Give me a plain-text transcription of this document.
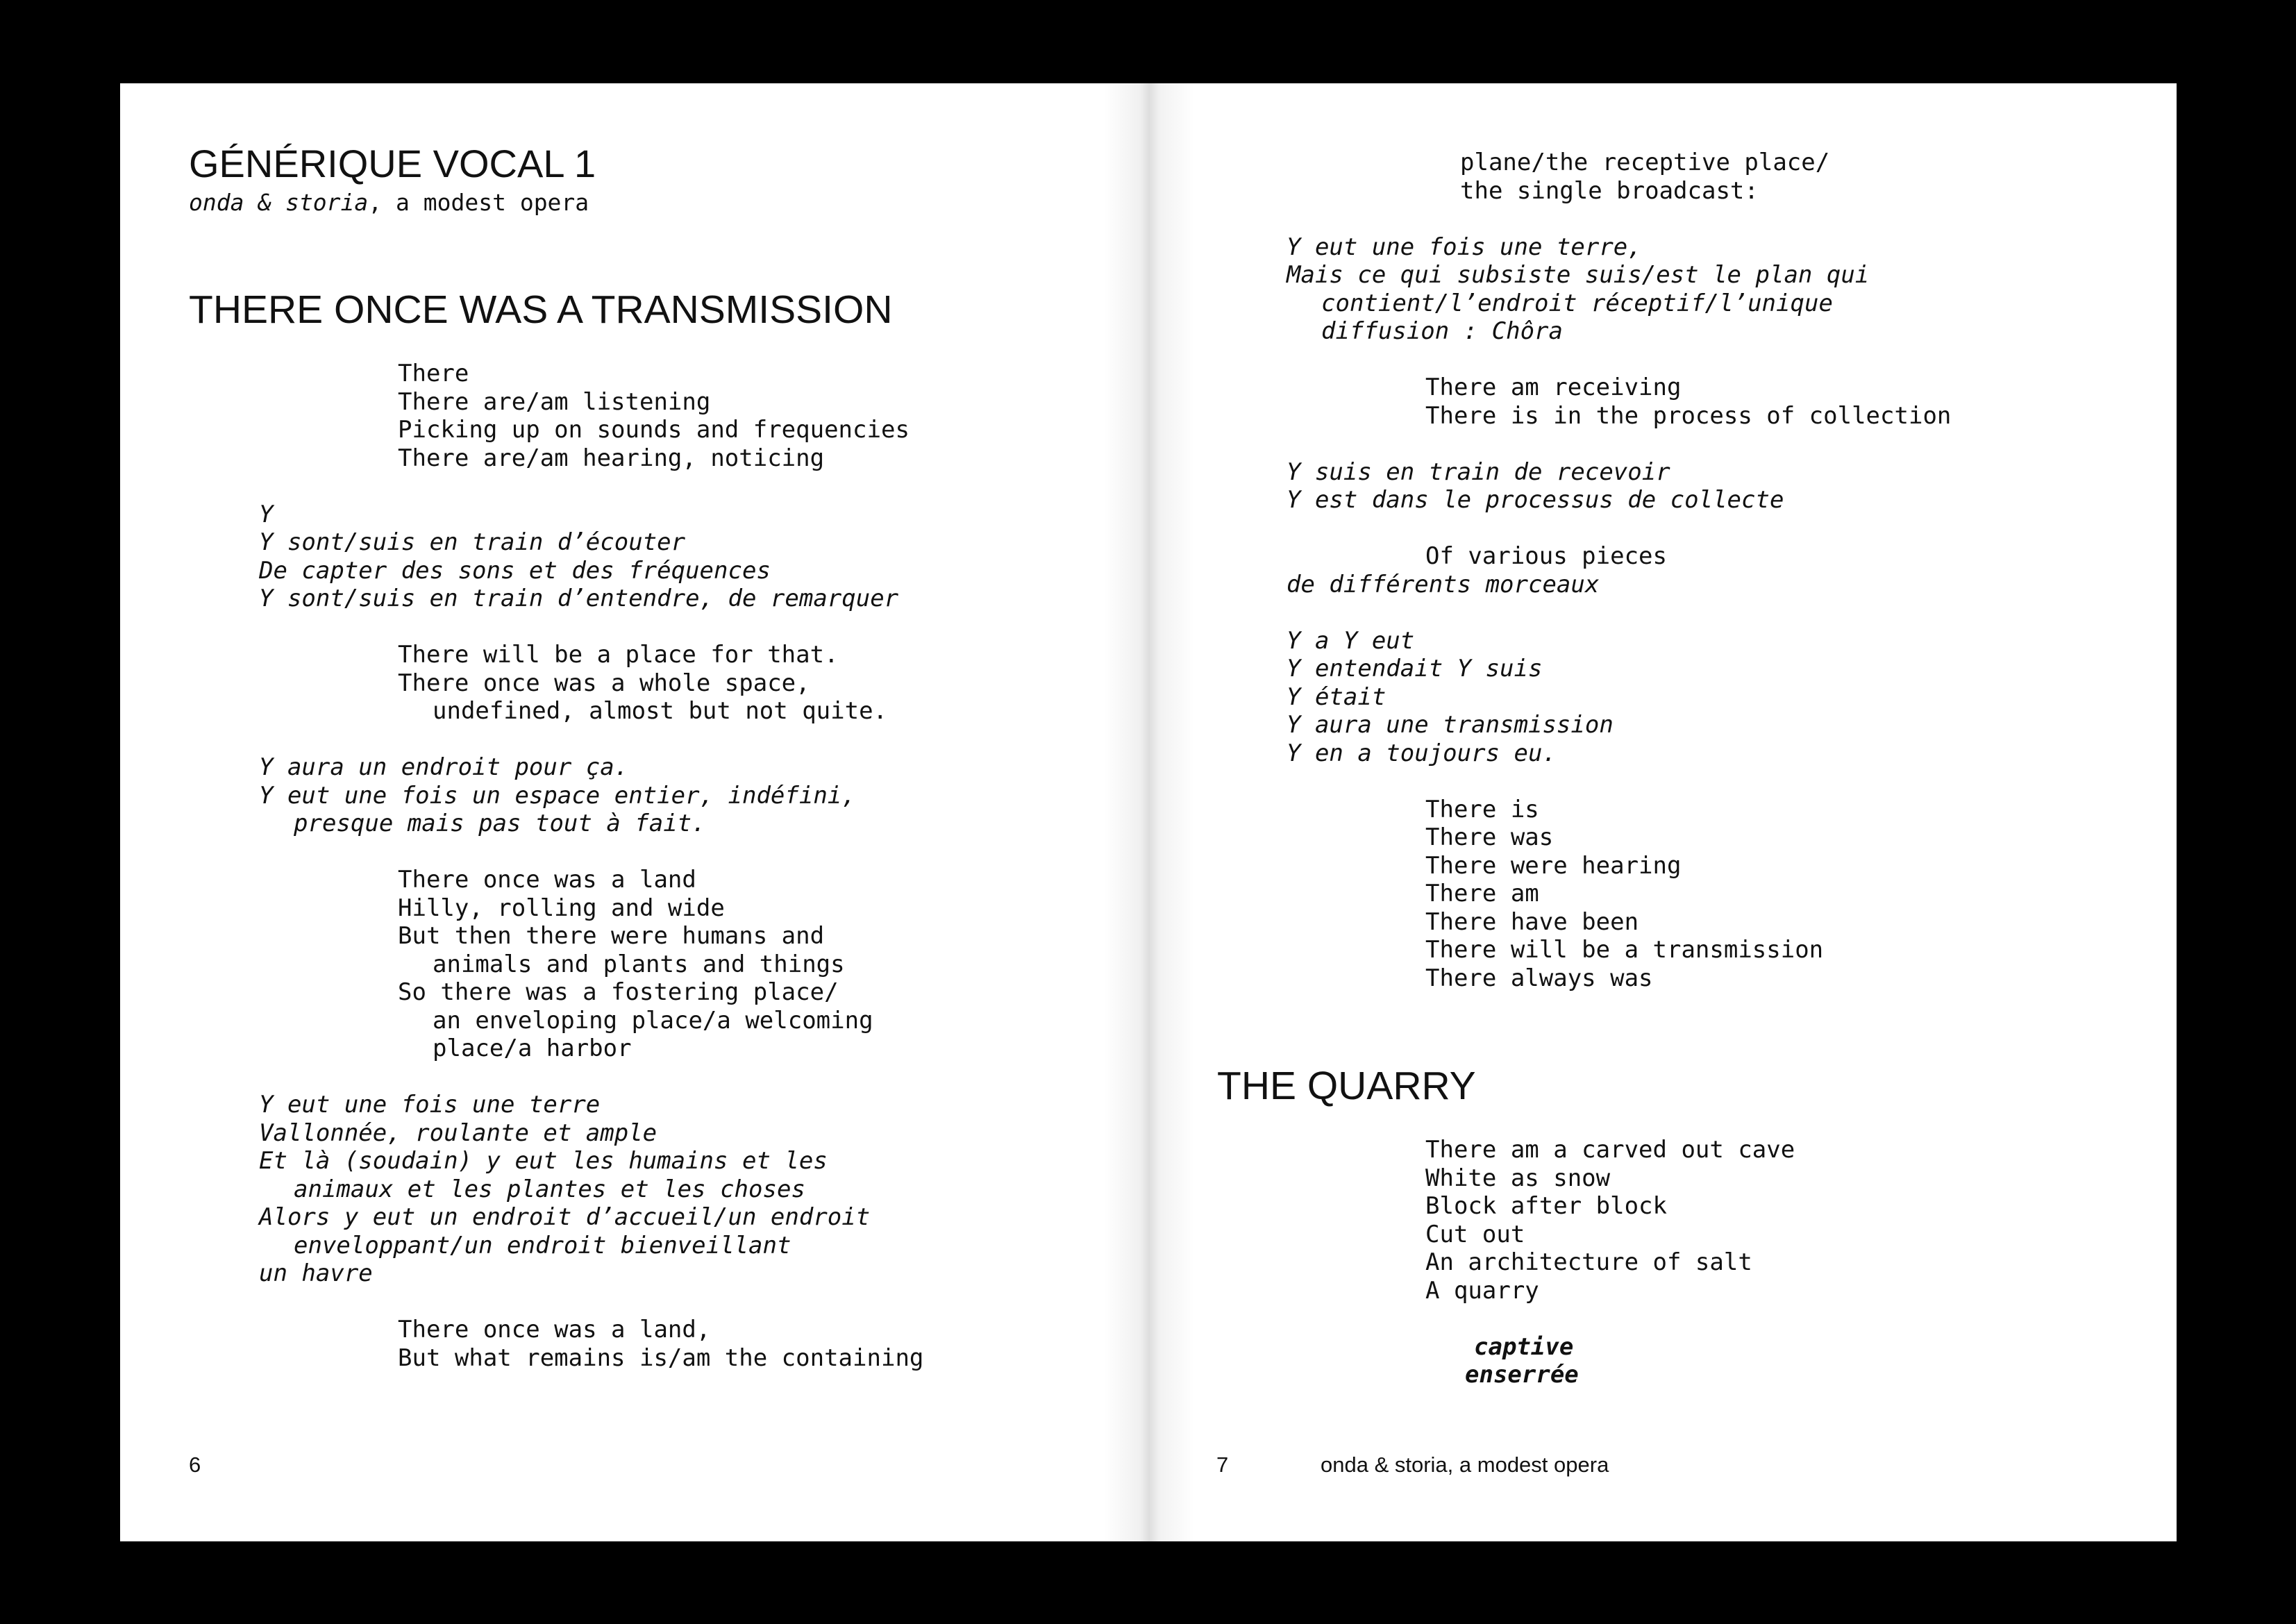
GÉNÉRIQUE VOCAL 1
onda & storia, a modest opera
THERE ONCE WAS A TRANSMISSION
There
There are/am listening
Picking up on sounds and frequencies
There are/am hearing, noticing
Y
Y sont/suis en train d’écouter
De capter des sons et des fréquences
Y sont/suis en train d’entendre, de remarquer
There will be a place for that.
There once was a whole space,
undefined, almost but not quite.
Y aura un endroit pour ça.
Y eut une fois un espace entier, indéfini,
presque mais pas tout à fait.
There once was a land
Hilly, rolling and wide
But then there were humans and
animals and plants and things
So there was a fostering place/
an enveloping place/a welcoming
place/a harbor
Y eut une fois une terre
Vallonnée, roulante et ample
Et là (soudain) y eut les humains et les
animaux et les plantes et les choses
Alors y eut un endroit d’accueil/un endroit
enveloppant/un endroit bienveillant
un havre
There once was a land,
But what remains is/am the containing
6
plane/the receptive place/
the single broadcast:
Y eut une fois une terre,
Mais ce qui subsiste suis/est le plan qui
contient/l’endroit réceptif/l’unique
diffusion : Chôra
There am receiving
There is in the process of collection
Y suis en train de recevoir
Y est dans le processus de collecte
Of various pieces
de différents morceaux
Y a Y eut
Y entendait Y suis
Y était
Y aura une transmission
Y en a toujours eu.
There is
There was
There were hearing
There am
There have been
There will be a transmission
There always was
THE QUARRY
There am a carved out cave
White as snow
Block after block
Cut out
An architecture of salt
A quarry
captive
enserrée
7	onda & storia, a modest opera
